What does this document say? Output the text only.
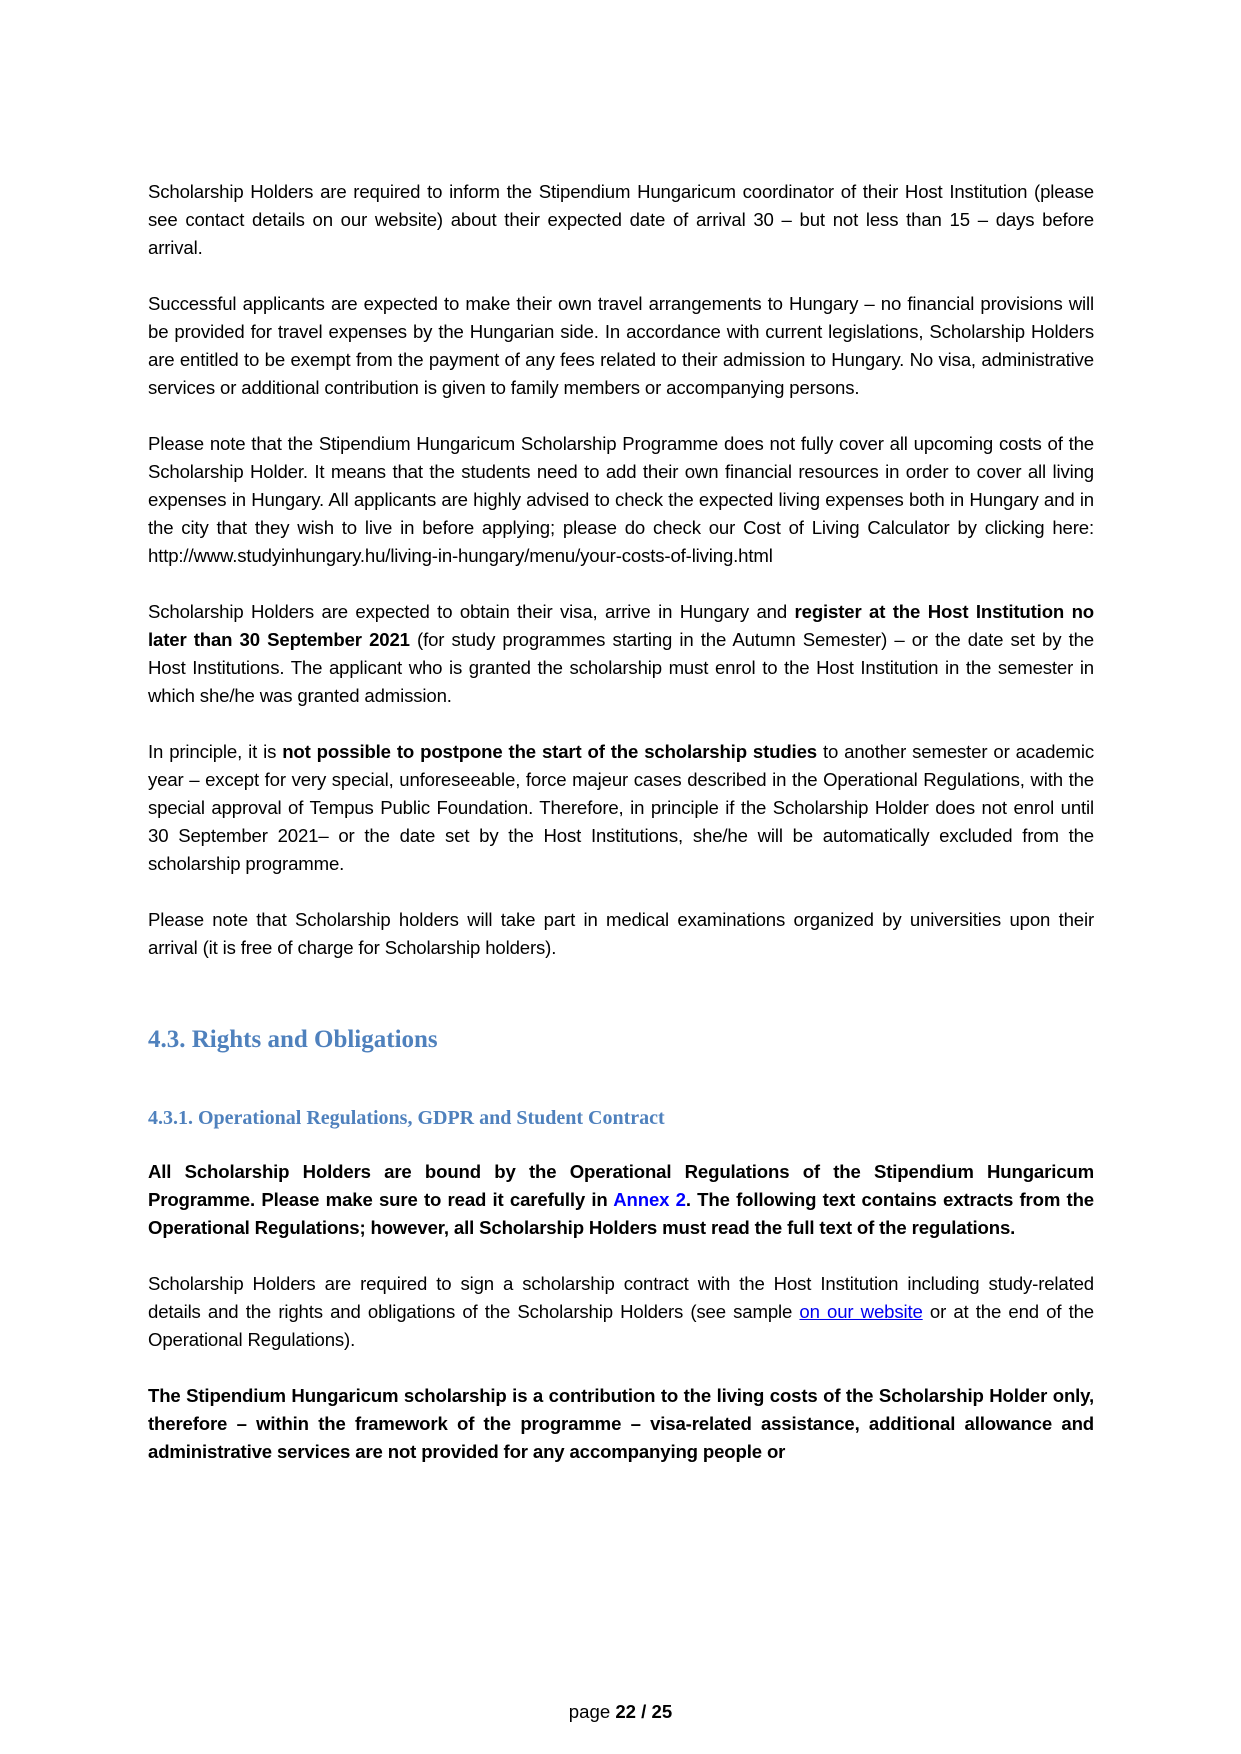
Scholarship Holders are required to inform the Stipendium Hungaricum coordinator of their Host Institution (please see contact details on our website) about their expected date of arrival 30 – but not less than 15 – days before arrival.

Successful applicants are expected to make their own travel arrangements to Hungary – no financial provisions will be provided for travel expenses by the Hungarian side. In accordance with current legislations, Scholarship Holders are entitled to be exempt from the payment of any fees related to their admission to Hungary. No visa, administrative services or additional contribution is given to family members or accompanying persons.

Please note that the Stipendium Hungaricum Scholarship Programme does not fully cover all upcoming costs of the Scholarship Holder. It means that the students need to add their own financial resources in order to cover all living expenses in Hungary. All applicants are highly advised to check the expected living expenses both in Hungary and in the city that they wish to live in before applying; please do check our Cost of Living Calculator by clicking here: http://www.studyinhungary.hu/living-in-hungary/menu/your-costs-of-living.html

Scholarship Holders are expected to obtain their visa, arrive in Hungary and register at the Host Institution no later than 30 September 2021 (for study programmes starting in the Autumn Semester) – or the date set by the Host Institutions. The applicant who is granted the scholarship must enrol to the Host Institution in the semester in which she/he was granted admission.

In principle, it is not possible to postpone the start of the scholarship studies to another semester or academic year – except for very special, unforeseeable, force majeur cases described in the Operational Regulations, with the special approval of Tempus Public Foundation. Therefore, in principle if the Scholarship Holder does not enrol until 30 September 2021– or the date set by the Host Institutions, she/he will be automatically excluded from the scholarship programme.

Please note that Scholarship holders will take part in medical examinations organized by universities upon their arrival (it is free of charge for Scholarship holders).

4.3. Rights and Obligations
4.3.1. Operational Regulations, GDPR and Student Contract

All Scholarship Holders are bound by the Operational Regulations of the Stipendium Hungaricum Programme. Please make sure to read it carefully in Annex 2. The following text contains extracts from the Operational Regulations; however, all Scholarship Holders must read the full text of the regulations.

Scholarship Holders are required to sign a scholarship contract with the Host Institution including study-related details and the rights and obligations of the Scholarship Holders (see sample on our website or at the end of the Operational Regulations).

The Stipendium Hungaricum scholarship is a contribution to the living costs of the Scholarship Holder only, therefore – within the framework of the programme – visa-related assistance, additional allowance and administrative services are not provided for any accompanying people or

page 22 / 25
